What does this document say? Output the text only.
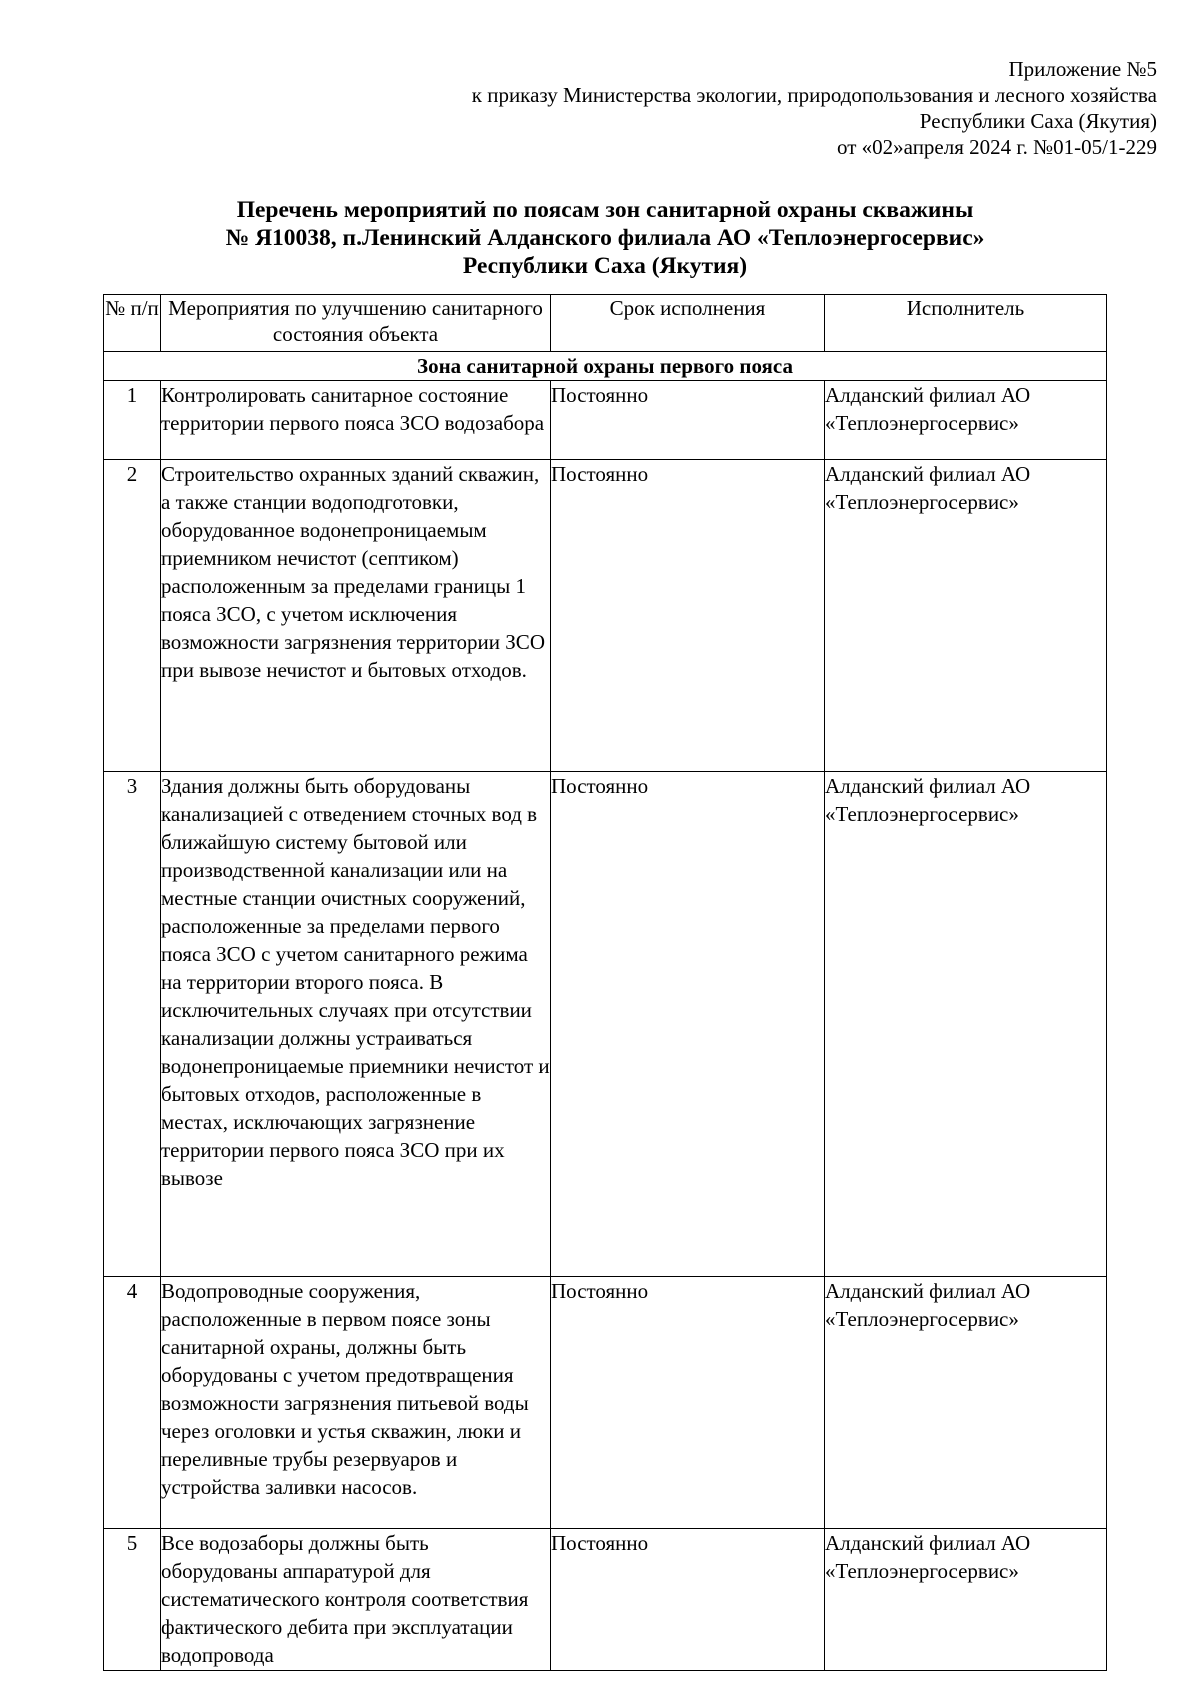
Приложение №5
к приказу Министерства экологии, природопользования и лесного хозяйства
Республики Саха (Якутия)
от «02»апреля 2024 г. №01-05/1-229
Перечень мероприятий по поясам зон санитарной охраны скважины
№ Я10038, п.Ленинский Алданского филиала АО «Теплоэнергосервис»
Республики Саха (Якутия)
№ п/п	Мероприятия по улучшению санитарного состояния объекта	Срок исполнения	Исполнитель
Зона санитарной охраны первого пояса			
1	Контролировать санитарное состояние территории первого пояса ЗСО водозабора	Постоянно	Алданский филиал АО «Теплоэнергосервис»
2	Строительство охранных зданий скважин, а также станции водоподготовки, оборудованное водонепроницаемым приемником нечистот (септиком) расположенным за пределами границы 1 пояса ЗСО, с учетом исключения возможности загрязнения территории ЗСО при вывозе нечистот и бытовых отходов.	Постоянно	Алданский филиал АО «Теплоэнергосервис»
3	Здания должны быть оборудованы канализацией с отведением сточных вод в ближайшую систему бытовой или производственной канализации или на местные станции очистных сооружений, расположенные за пределами первого пояса ЗСО с учетом санитарного режима на территории второго пояса. В исключительных случаях при отсутствии канализации должны устраиваться водонепроницаемые приемники нечистот и бытовых отходов, расположенные в местах, исключающих загрязнение территории первого пояса ЗСО при их вывозе	Постоянно	Алданский филиал АО «Теплоэнергосервис»
4	Водопроводные сооружения, расположенные в первом поясе зоны санитарной охраны, должны быть оборудованы с учетом предотвращения возможности загрязнения питьевой воды через оголовки и устья скважин, люки и переливные трубы резервуаров и устройства заливки насосов.	Постоянно	Алданский филиал АО «Теплоэнергосервис»
5	Все водозаборы должны быть оборудованы аппаратурой для систематического контроля соответствия фактического дебита при эксплуатации водопровода	Постоянно	Алданский филиал АО «Теплоэнергосервис»
